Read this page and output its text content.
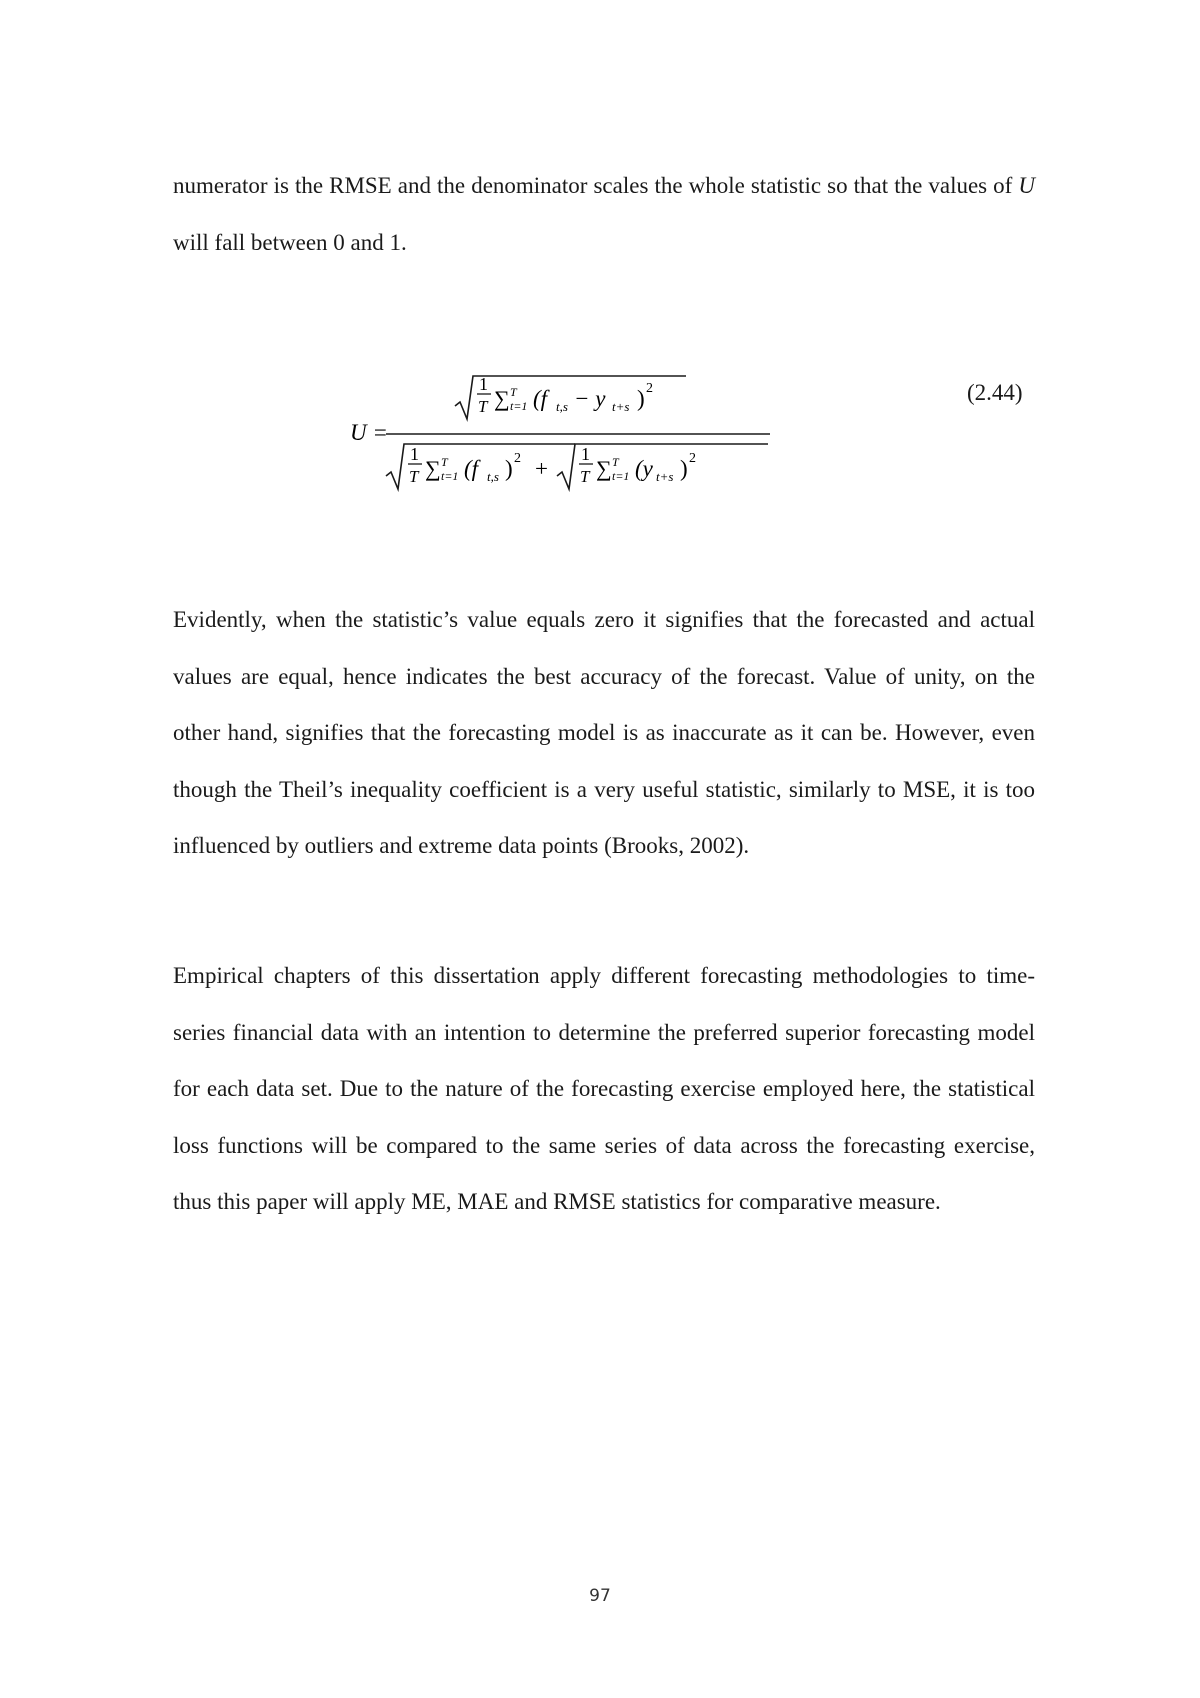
numerator is the RMSE and the denominator scales the whole statistic so that the values of U will fall between 0 and 1.

U =
1
T ∑ T
t=1 (f t,s − y t+s ) 2
1
T ∑ T
t=1 (f t,s ) 2 +
1
T ∑ T
t=1 (y t+s ) 2
(2.44)

Evidently, when the statistic’s value equals zero it signifies that the forecasted and actual values are equal, hence indicates the best accuracy of the forecast. Value of unity, on the other hand, signifies that the forecasting model is as inaccurate as it can be. However, even though the Theil’s inequality coefficient is a very useful statistic, similarly to MSE, it is too influenced by outliers and extreme data points (Brooks, 2002).

Empirical chapters of this dissertation apply different forecasting methodologies to time-series financial data with an intention to determine the preferred superior forecasting model for each data set. Due to the nature of the forecasting exercise employed here, the statistical loss functions will be compared to the same series of data across the forecasting exercise, thus this paper will apply ME, MAE and RMSE statistics for comparative measure.

97
